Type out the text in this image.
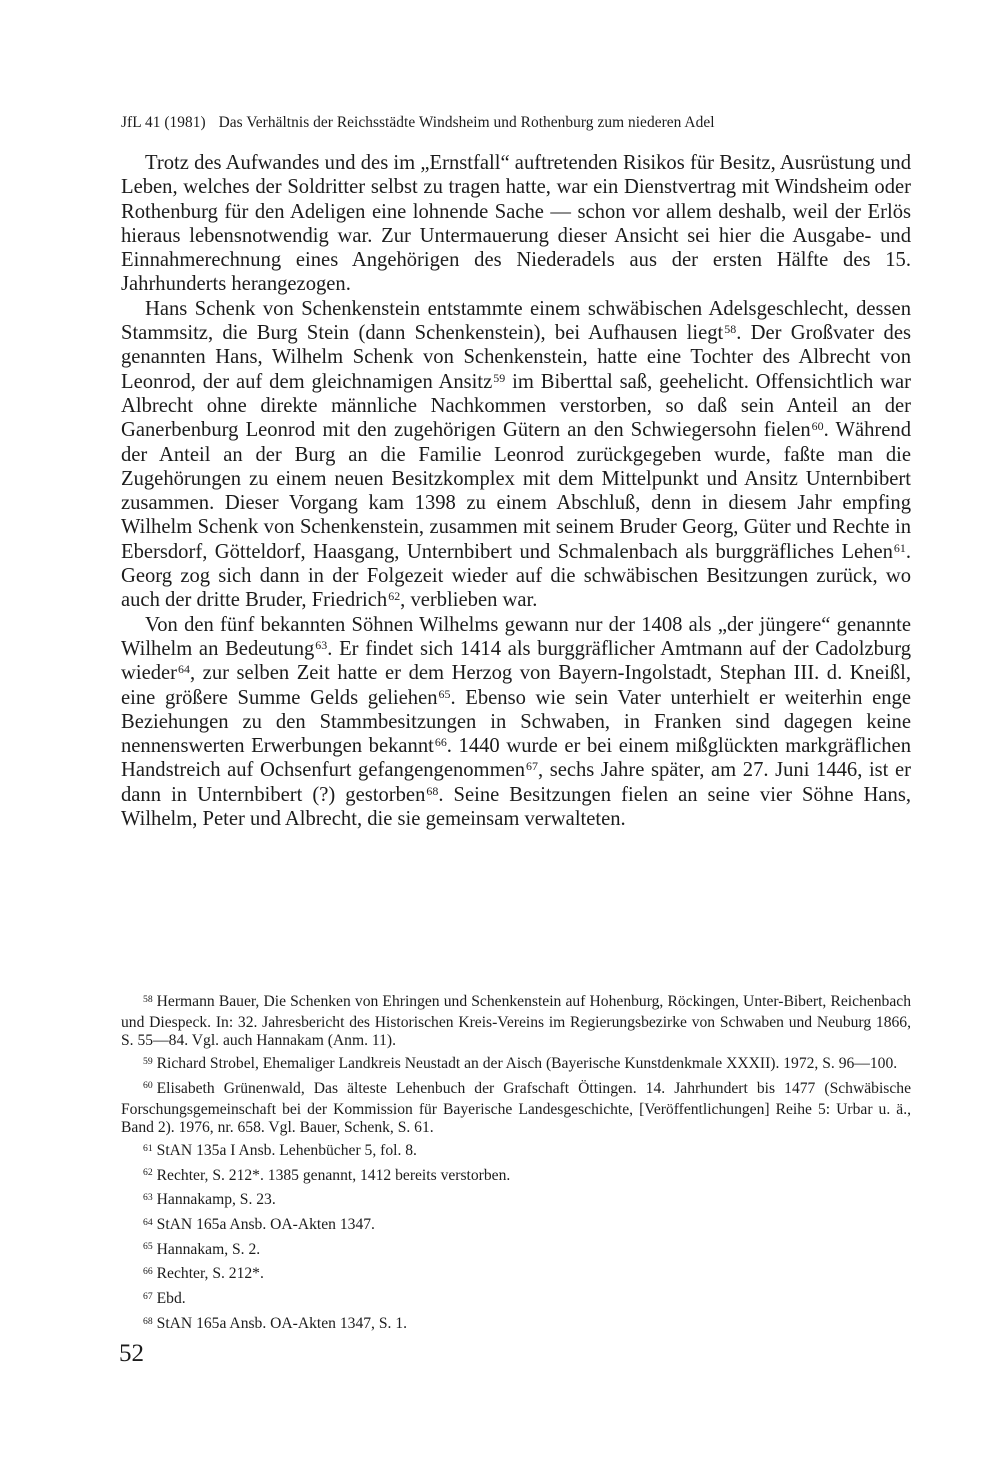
JfL 41 (1981) Das Verhältnis der Reichsstädte Windsheim und Rothenburg zum niederen Adel

Trotz des Aufwandes und des im „Ernstfall“ auftretenden Risikos für Besitz, Ausrüstung und Leben, welches der Soldritter selbst zu tragen hatte, war ein Dienstvertrag mit Windsheim oder Rothenburg für den Adeligen eine lohnende Sache — schon vor allem deshalb, weil der Erlös hieraus lebensnotwendig war. Zur Untermauerung dieser Ansicht sei hier die Ausgabe- und Einnahmerechnung eines Angehörigen des Niederadels aus der ersten Hälfte des 15. Jahrhunderts herangezogen.

Hans Schenk von Schenkenstein entstammte einem schwäbischen Adelsgeschlecht, dessen Stammsitz, die Burg Stein (dann Schenkenstein), bei Aufhausen liegt$^{58}$. Der Großvater des genannten Hans, Wilhelm Schenk von Schenkenstein, hatte eine Tochter des Albrecht von Leonrod, der auf dem gleichnamigen Ansitz$^{59}$ im Biberttal saß, geehelicht. Offensichtlich war Albrecht ohne direkte männliche Nachkommen verstorben, so daß sein Anteil an der Ganerbenburg Leonrod mit den zugehörigen Gütern an den Schwiegersohn fielen$^{60}$. Während der Anteil an der Burg an die Familie Leonrod zurückgegeben wurde, faßte man die Zugehörungen zu einem neuen Besitzkomplex mit dem Mittelpunkt und Ansitz Unternbibert zusammen. Dieser Vorgang kam 1398 zu einem Abschluß, denn in diesem Jahr empfing Wilhelm Schenk von Schenkenstein, zusammen mit seinem Bruder Georg, Güter und Rechte in Ebersdorf, Götteldorf, Haasgang, Unternbibert und Schmalenbach als burggräfliches Lehen$^{61}$. Georg zog sich dann in der Folgezeit wieder auf die schwäbischen Besitzungen zurück, wo auch der dritte Bruder, Friedrich$^{62}$, verblieben war.

Von den fünf bekannten Söhnen Wilhelms gewann nur der 1408 als „der jüngere“ genannte Wilhelm an Bedeutung$^{63}$. Er findet sich 1414 als burggräflicher Amtmann auf der Cadolzburg wieder$^{64}$, zur selben Zeit hatte er dem Herzog von Bayern-Ingolstadt, Stephan III. d. Kneißl, eine größere Summe Gelds geliehen$^{65}$. Ebenso wie sein Vater unterhielt er weiterhin enge Beziehungen zu den Stammbesitzungen in Schwaben, in Franken sind dagegen keine nennenswerten Erwerbungen bekannt$^{66}$. 1440 wurde er bei einem mißglückten markgräflichen Handstreich auf Ochsenfurt gefangengenommen$^{67}$, sechs Jahre später, am 27. Juni 1446, ist er dann in Unternbibert (?) gestorben$^{68}$. Seine Besitzungen fielen an seine vier Söhne Hans, Wilhelm, Peter und Albrecht, die sie gemeinsam verwalteten.

$^{58}$ Hermann Bauer, Die Schenken von Ehringen und Schenkenstein auf Hohenburg, Röckingen, Unter-Bibert, Reichenbach und Diespeck. In: 32. Jahresbericht des Historischen Kreis-Vereins im Regierungsbezirke von Schwaben und Neuburg 1866, S. 55—84. Vgl. auch Hannakam (Anm. 11).

$^{59}$ Richard Strobel, Ehemaliger Landkreis Neustadt an der Aisch (Bayerische Kunstdenkmale XXXII). 1972, S. 96—100.

$^{60}$ Elisabeth Grünenwald, Das älteste Lehenbuch der Grafschaft Öttingen. 14. Jahrhundert bis 1477 (Schwäbische Forschungsgemeinschaft bei der Kommission für Bayerische Landesgeschichte, [Veröffentlichungen] Reihe 5: Urbar u. ä., Band 2). 1976, nr. 658. Vgl. Bauer, Schenk, S. 61.

$^{61}$ StAN 135a I Ansb. Lehenbücher 5, fol. 8.

$^{62}$ Rechter, S. 212*. 1385 genannt, 1412 bereits verstorben.

$^{63}$ Hannakamp, S. 23.

$^{64}$ StAN 165a Ansb. OA-Akten 1347.

$^{65}$ Hannakam, S. 2.

$^{66}$ Rechter, S. 212*.

$^{67}$ Ebd.

$^{68}$ StAN 165a Ansb. OA-Akten 1347, S. 1.

52
